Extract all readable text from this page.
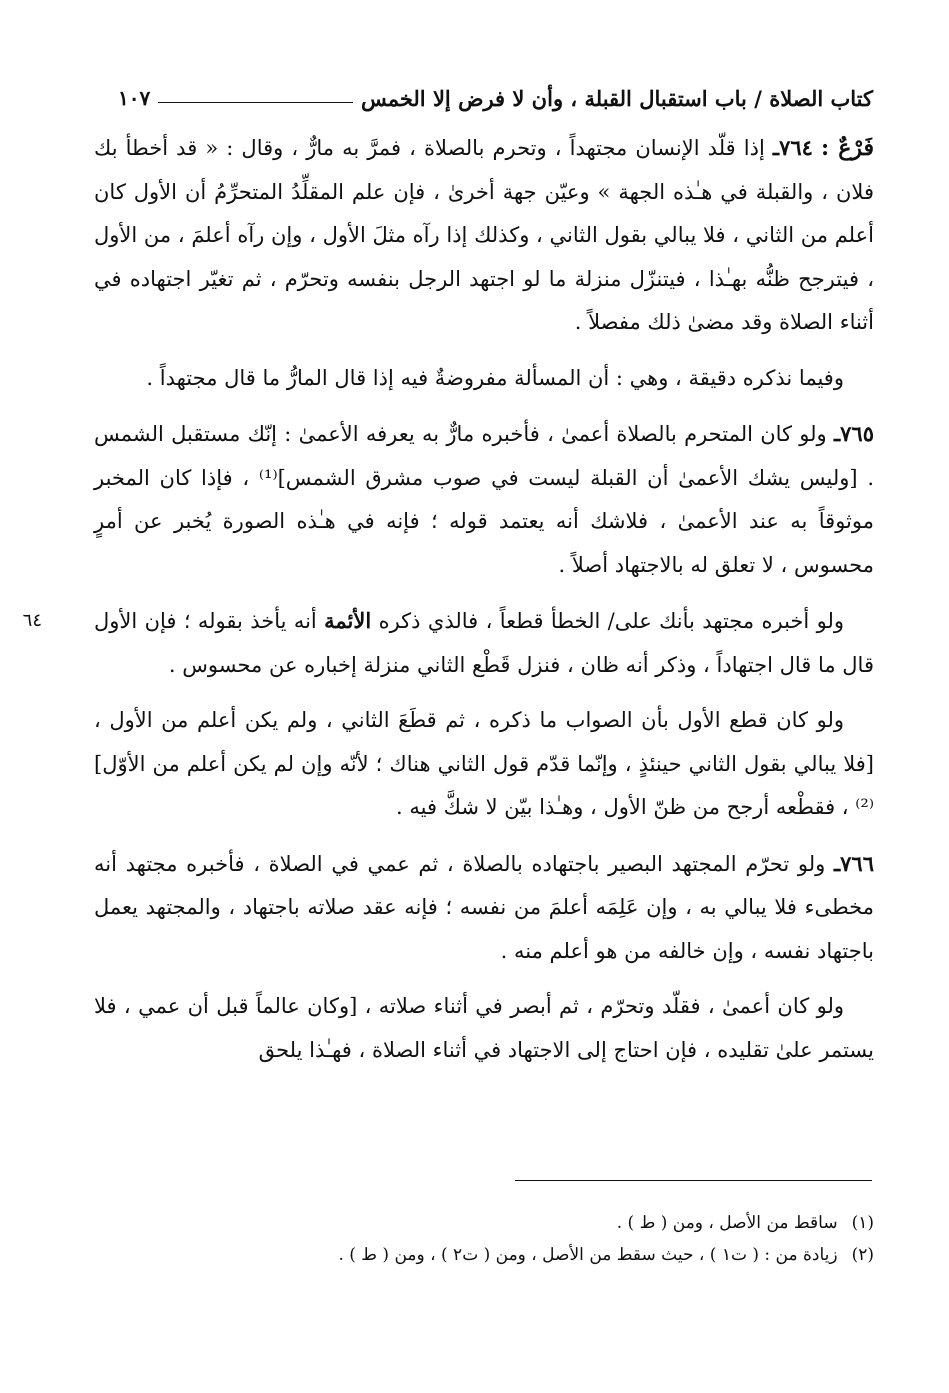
كتاب الصلاة / باب استقبال القبلة ، وأن لا فرض إلا الخمس
١٠٧

فَرْعٌ : ٧٦٤ـ إذا قلّد الإنسان مجتهداً ، وتحرم بالصلاة ، فمرَّ به مارٌّ ، وقال : « قد أخطأ بك فلان ، والقبلة في هـٰذه الجهة » وعيّن جهة أخرىٰ ، فإن علم المقلِّدُ المتحرِّمُ أن الأول كان أعلم من الثاني ، فلا يبالي بقول الثاني ، وكذلك إذا رآه مثلَ الأول ، وإن رآه أعلمَ ، من الأول ، فيترجح ظنُّه بهـٰذا ، فيتنزّل منزلة ما لو اجتهد الرجل بنفسه وتحرّم ، ثم تغيّر اجتهاده في أثناء الصلاة وقد مضىٰ ذلك مفصلاً .

وفيما نذكره دقيقة ، وهي : أن المسألة مفروضةٌ فيه إذا قال المارُّ ما قال مجتهداً .

٧٦٥ـ ولو كان المتحرم بالصلاة أعمىٰ ، فأخبره مارٌّ به يعرفه الأعمىٰ : إنّك مستقبل الشمس . [وليس يشك الأعمىٰ أن القبلة ليست في صوب مشرق الشمس]⁽¹⁾ ، فإذا كان المخبر موثوقاً به عند الأعمىٰ ، فلاشك أنه يعتمد قوله ؛ فإنه في هـٰذه الصورة يُخبر عن أمرٍ محسوس ، لا تعلق له بالاجتهاد أصلاً .

٦٤	ولو أخبره مجتهد بأنك على/ الخطأ قطعاً ، فالذي ذكره الأئمة أنه يأخذ بقوله ؛ فإن الأول قال ما قال اجتهاداً ، وذكر أنه ظان ، فنزل قَطْع الثاني منزلة إخباره عن محسوس .

ولو كان قطع الأول بأن الصواب ما ذكره ، ثم قطَعَ الثاني ، ولم يكن أعلم من الأول ، [فلا يبالي بقول الثاني حينئذٍ ، وإنّما قدّم قول الثاني هناك ؛ لأنّه وإن لم يكن أعلم من الأوّل]⁽²⁾ ، فقطْعه أرجح من ظنّ الأول ، وهـٰذا بيّن لا شكَّ فيه .

٧٦٦ـ ولو تحرّم المجتهد البصير باجتهاده بالصلاة ، ثم عمي في الصلاة ، فأخبره مجتهد أنه مخطىء فلا يبالي به ، وإن عَلِمَه أعلمَ من نفسه ؛ فإنه عقد صلاته باجتهاد ، والمجتهد يعمل باجتهاد نفسه ، وإن خالفه من هو أعلم منه .

ولو كان أعمىٰ ، فقلّد وتحرّم ، ثم أبصر في أثناء صلاته ، [وكان عالماً قبل أن عمي ، فلا يستمر علىٰ تقليده ، فإن احتاج إلى الاجتهاد في أثناء الصلاة ، فهـٰذا يلحق

(١)
ساقط من الأصل ، ومن ( ط ) .
(٢)
زيادة من : ( ت١ ) ، حيث سقط من الأصل ، ومن ( ت٢ ) ، ومن ( ط ) .
